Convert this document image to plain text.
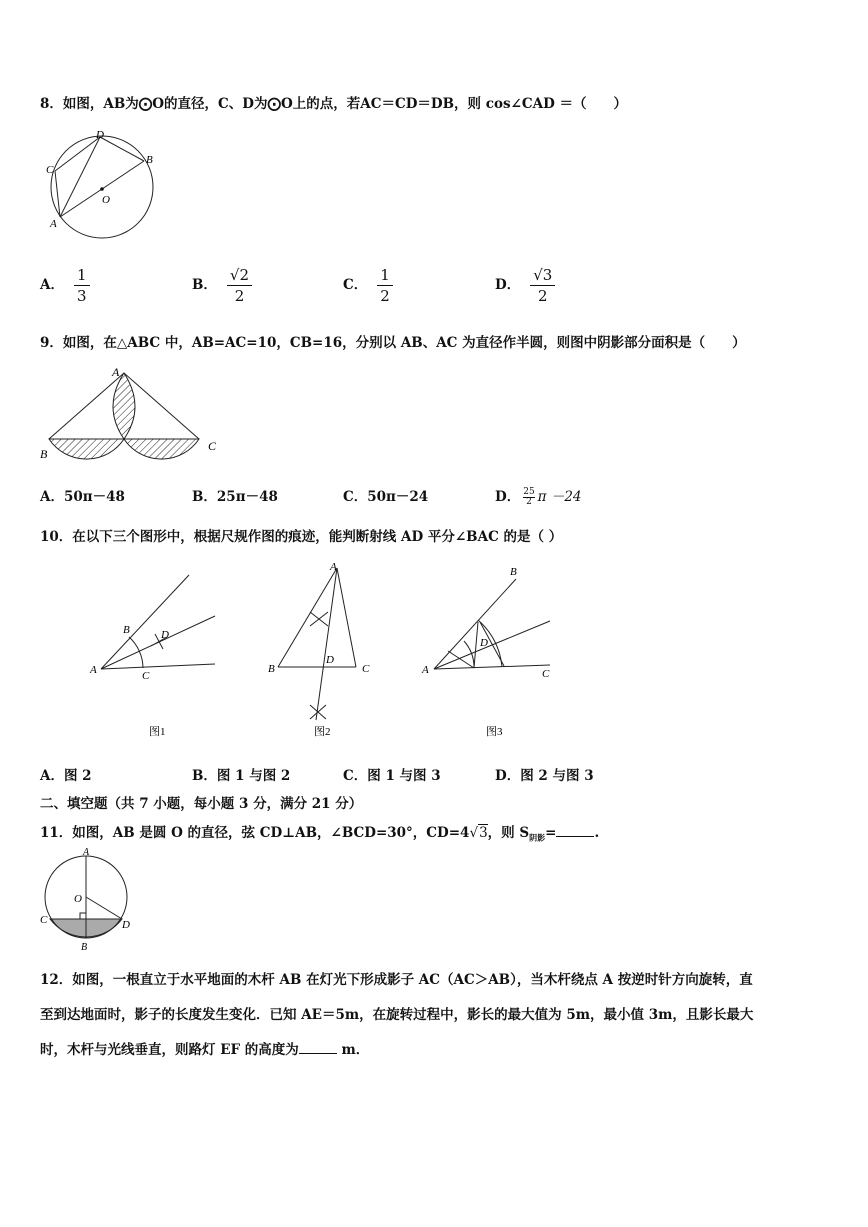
8．如图，AB为⨀O的直径，C、D为⨀O上的点，若AC＝CD＝DB，则 cos∠CAD ＝（　　）
D
B
C
O
A
A． $\frac{1}{3}$	B． $\frac{√2}{2}$	C． $\frac{1}{2}$	D． $\frac{√3}{2}$
9．如图，在△ABC 中，AB=AC=10，CB=16，分别以 AB、AC 为直径作半圆，则图中阴影部分面积是（　　）
A
B
C
A．50π－48	B．25π－48	C．50π－24	D． $\frac{25}{2}$ π －24
10．在以下三个图形中，根据尺规作图的痕迹，能判断射线 AD 平分∠BAC 的是（ ）
B	D
A	C
图1
A
B
D
C
图2
B
D
A	C
图3
A．图 2	B．图 1 与图 2	C．图 1 与图 3	D．图 2 与图 3
二、填空题（共 7 小题，每小题 3 分，满分 21 分）
11．如图，AB 是圆 O 的直径，弦 CD⊥AB，∠BCD=30°，CD=4√3，则 $S_{阴影}=$	.
A
O
C	D
B
12．如图，一根直立于水平地面的木杆 AB 在灯光下形成影子 AC（AC＞AB），当木杆绕点 A 按逆时针方向旋转，直
至到达地面时，影子的长度发生变化．已知 AE＝5m，在旋转过程中，影长的最大值为 5m，最小值 3m，且影长最大
时，木杆与光线垂直，则路灯 EF 的高度为	m．
